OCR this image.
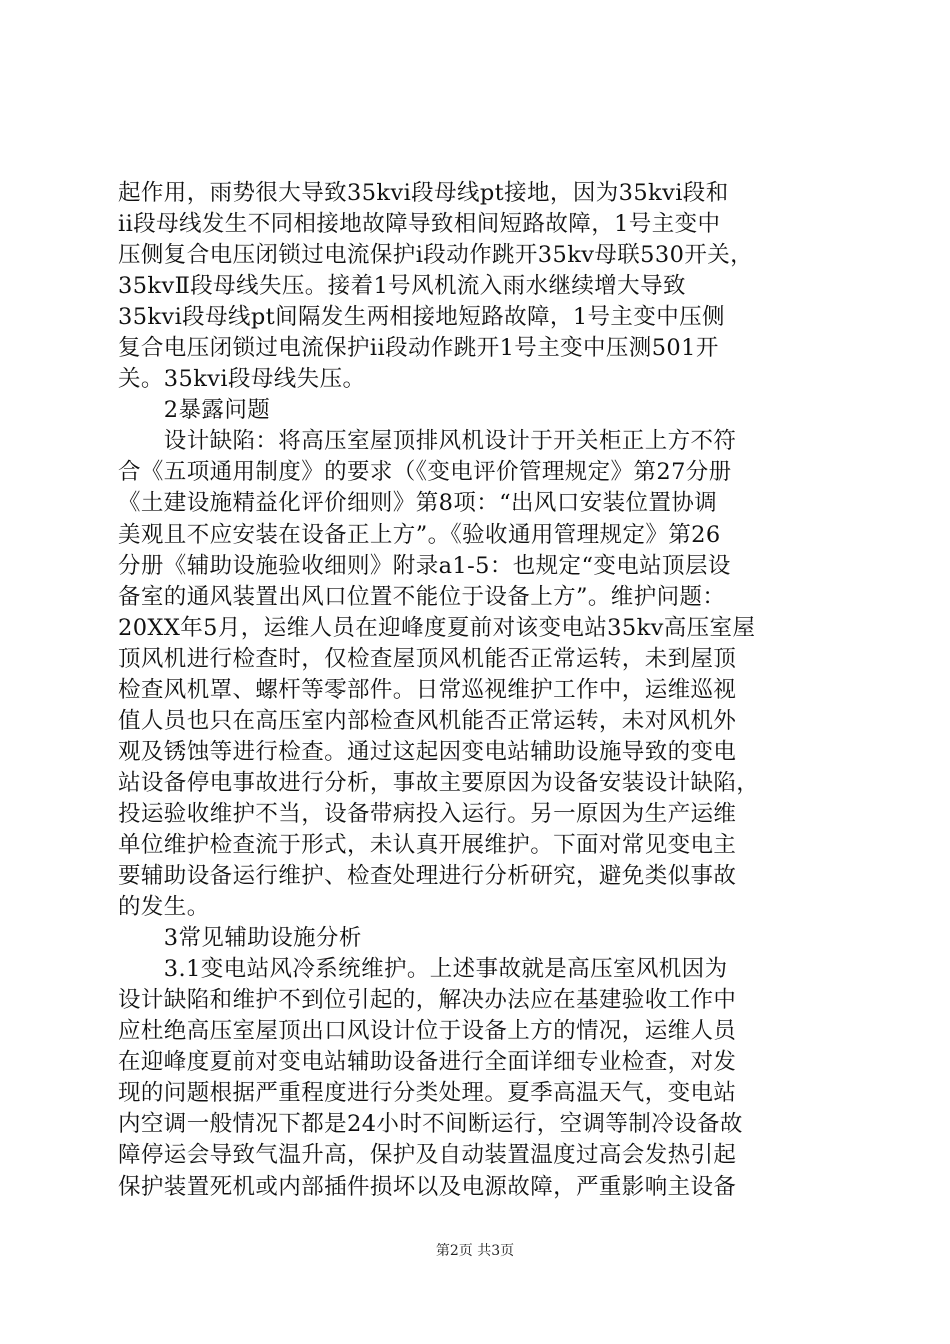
起作用，雨势很大导致35kvi段母线pt接地，因为35kvi段和
ii段母线发生不同相接地故障导致相间短路故障，1号主变中
压侧复合电压闭锁过电流保护i段动作跳开35kv母联530开关，
35kvⅡ段母线失压。接着1号风机流入雨水继续增大导致
35kvi段母线pt间隔发生两相接地短路故障，1号主变中压侧
复合电压闭锁过电流保护ii段动作跳开1号主变中压测501开
关。35kvi段母线失压。
　　2暴露问题
　　设计缺陷：将高压室屋顶排风机设计于开关柜正上方不符
合《五项通用制度》的要求（《变电评价管理规定》第27分册
《土建设施精益化评价细则》第8项：“出风口安装位置协调
美观且不应安装在设备正上方”。《验收通用管理规定》第26
分册《辅助设施验收细则》附录a1-5：也规定“变电站顶层设
备室的通风装置出风口位置不能位于设备上方”。维护问题：
20XX年5月，运维人员在迎峰度夏前对该变电站35kv高压室屋
顶风机进行检查时，仅检查屋顶风机能否正常运转，未到屋顶
检查风机罩、螺杆等零部件。日常巡视维护工作中，运维巡视
值人员也只在高压室内部检查风机能否正常运转，未对风机外
观及锈蚀等进行检查。通过这起因变电站辅助设施导致的变电
站设备停电事故进行分析，事故主要原因为设备安装设计缺陷，
投运验收维护不当，设备带病投入运行。另一原因为生产运维
单位维护检查流于形式，未认真开展维护。下面对常见变电主
要辅助设备运行维护、检查处理进行分析研究，避免类似事故
的发生。
　　3常见辅助设施分析
　　3.1变电站风冷系统维护。上述事故就是高压室风机因为
设计缺陷和维护不到位引起的，解决办法应在基建验收工作中
应杜绝高压室屋顶出口风设计位于设备上方的情况，运维人员
在迎峰度夏前对变电站辅助设备进行全面详细专业检查，对发
现的问题根据严重程度进行分类处理。夏季高温天气，变电站
内空调一般情况下都是24小时不间断运行，空调等制冷设备故
障停运会导致气温升高，保护及自动装置温度过高会发热引起
保护装置死机或内部插件损坏以及电源故障，严重影响主设备
第2页 共3页
